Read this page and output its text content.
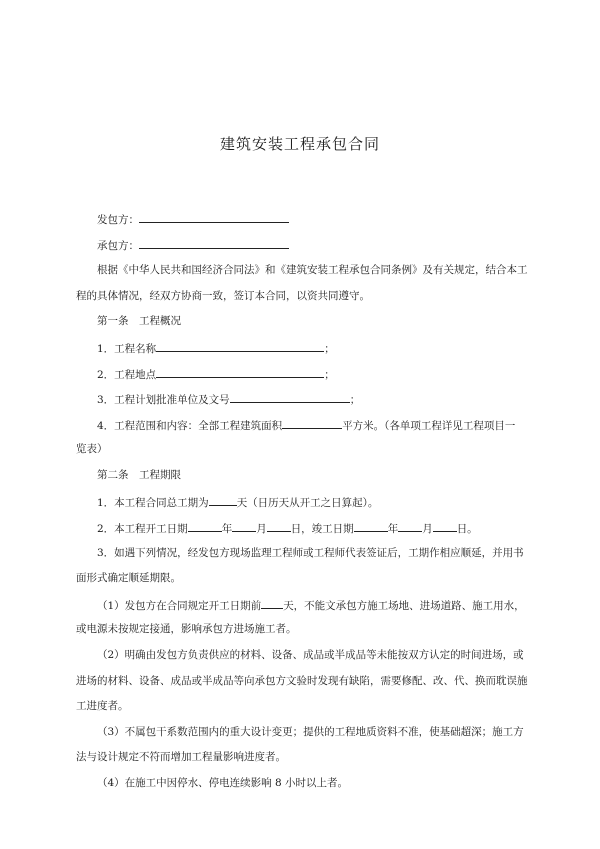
建筑安装工程承包合同
发包方：
承包方：
根据《中华人民共和国经济合同法》和《建筑安装工程承包合同条例》及有关规定，结合本工
程的具体情况，经双方协商一致，签订本合同，以资共同遵守。
第一条　工程概况
1．工程名称	；
2．工程地点	；
3．工程计划批准单位及文号	；
4．工程范围和内容：全部工程建筑面积	平方米。（各单项工程详见工程项目一
览表）
第二条　工程期限
1．本工程合同总工期为	天（日历天从开工之日算起）。
2．本工程开工日期	年 月 日，竣工日期	年 月 日。
3．如遇下列情况，经发包方现场监理工程师或工程师代表签证后，工期作相应顺延，并用书
面形式确定顺延期限。
（1）发包方在合同规定开工日期前 天，不能文承包方施工场地、进场道路、施工用水，
或电源未按规定接通，影响承包方进场施工者。
（2）明确由发包方负责供应的材料、设备、成品或半成品等未能按双方认定的时间进场，或
进场的材料、设备、成品或半成品等向承包方文验时发现有缺陷，需要修配、改、代、换而耽误施
工进度者。
（3）不属包干系数范围内的重大设计变更；提供的工程地质资料不准，使基础超深；施工方
法与设计规定不符而增加工程量影响进度者。
（4）在施工中因停水、停电连续影响 8 小时以上者。
